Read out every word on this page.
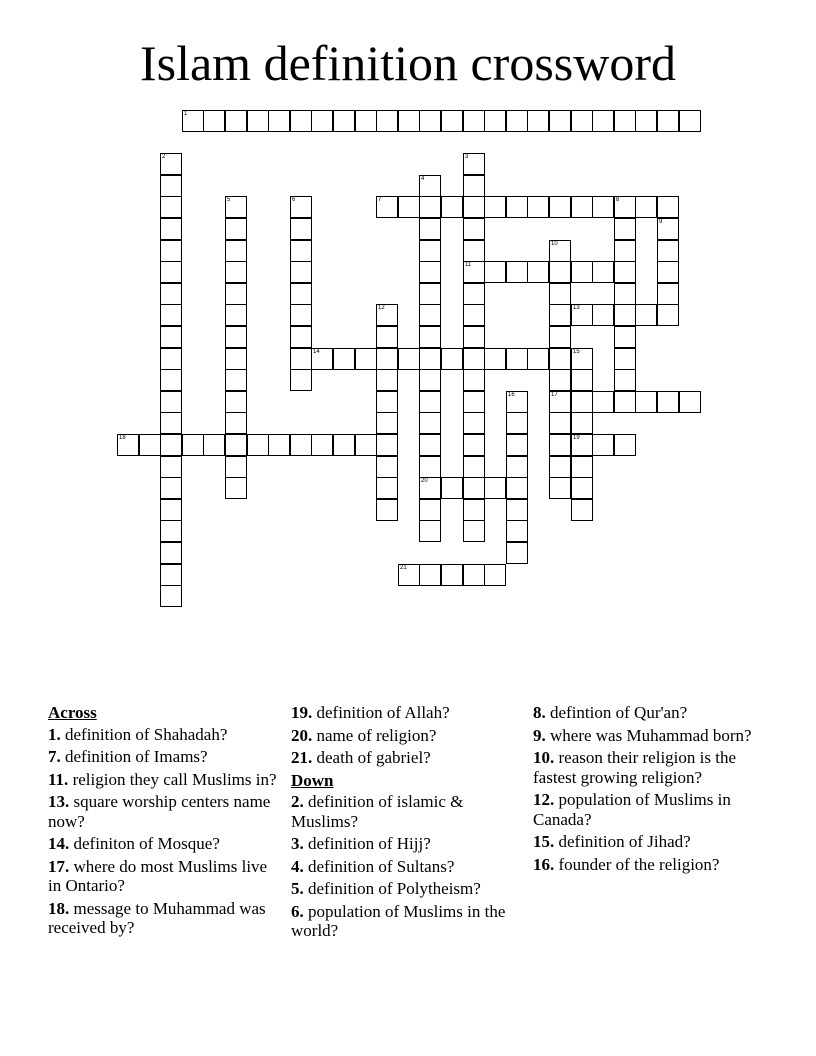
Islam definition crossword
1
2	3
11
4
20
5	6	7	8
9
10
17
12	13
14	15
19
16
18
21
Across
1. definition of Shahadah?
7. definition of Imams?
11. religion they call Muslims in?
13. square worship centers name now?
14. definiton of Mosque?
17. where do most Muslims live in Ontario?
18. message to Muhammad was received by?
19. definition of Allah?
20. name of religion?
21. death of gabriel?
Down
2. definition of islamic & Muslims?
3. definition of Hijj?
4. definition of Sultans?
5. definition of Polytheism?
6. population of Muslims in the world?
8. defintion of Qur'an?
9. where was Muhammad born?
10. reason their religion is the fastest growing religion?
12. population of Muslims in Canada?
15. definition of Jihad?
16. founder of the religion?
